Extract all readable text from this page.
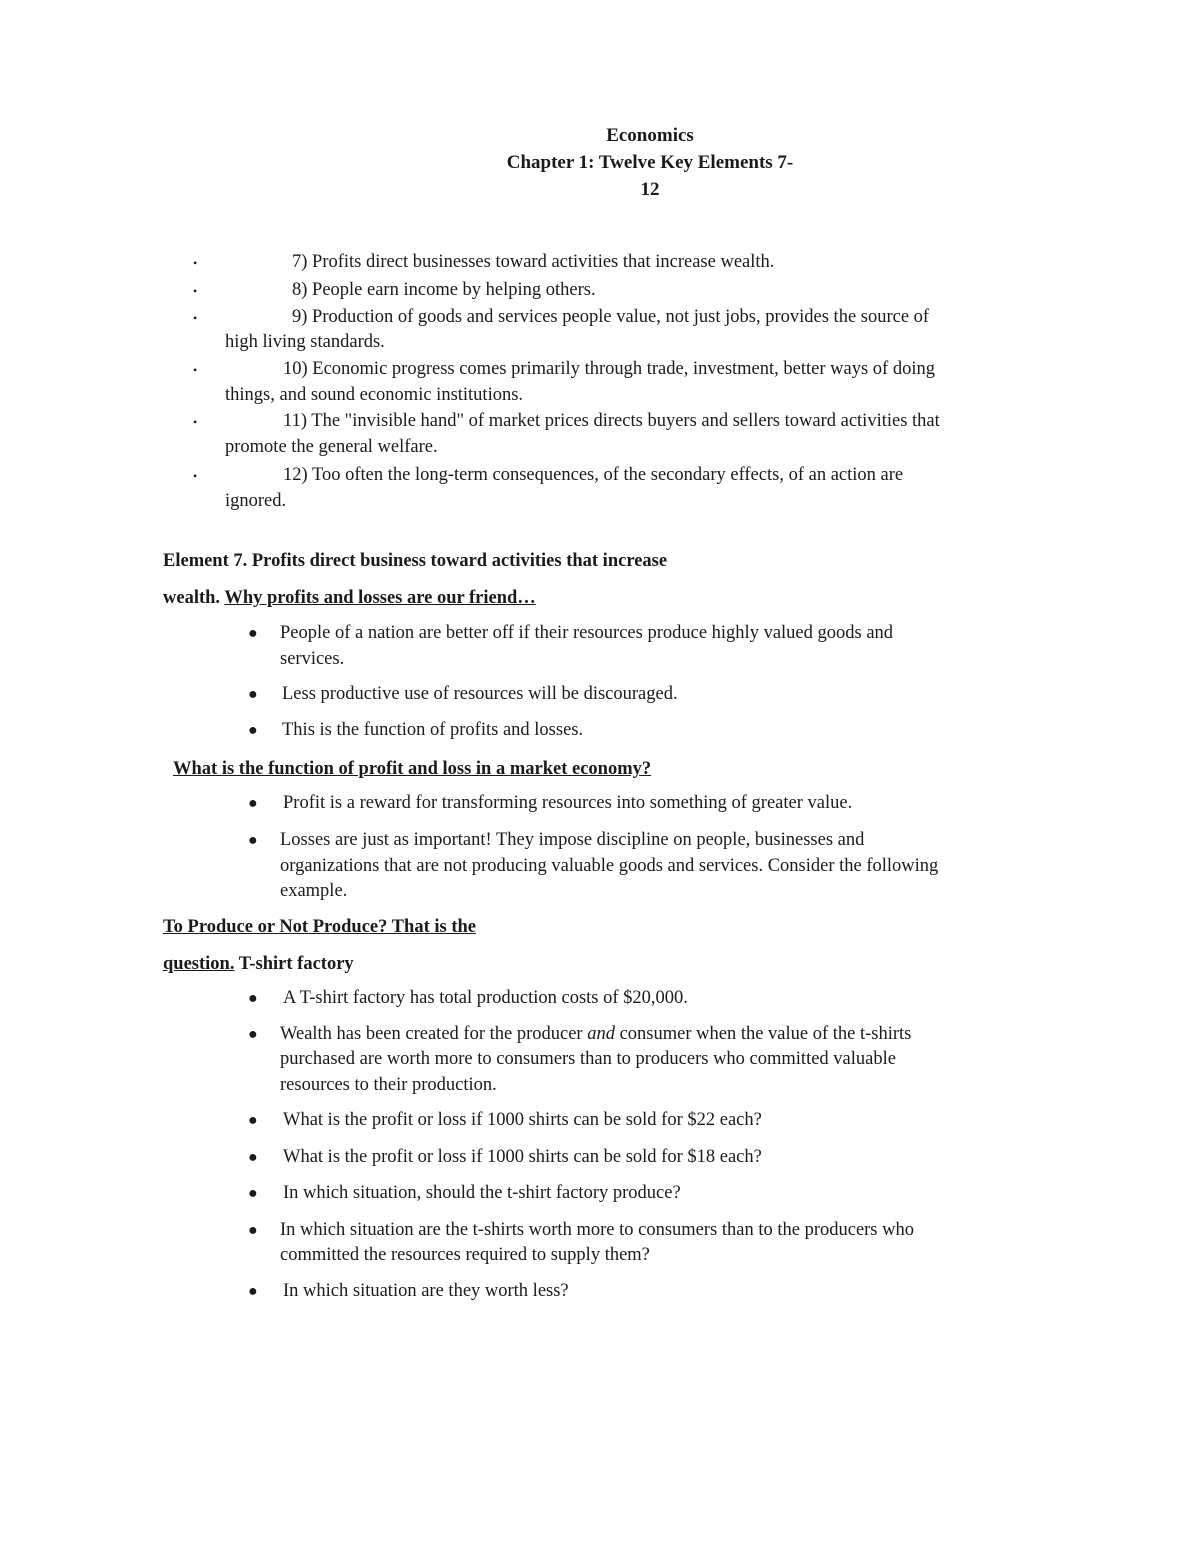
Economics
Chapter 1: Twelve Key Elements 7-
12
•	7) Profits direct businesses toward activities that increase wealth.
•	8) People earn income by helping others.
•	9) Production of goods and services people value, not just jobs, provides the source of
high living standards.
•	10) Economic progress comes primarily through trade, investment, better ways of doing
things, and sound economic institutions.
•	11) The "invisible hand" of market prices directs buyers and sellers toward activities that
promote the general welfare.
•	12) Too often the long-term consequences, of the secondary effects, of an action are
ignored.
Element 7. Profits direct business toward activities that increase
wealth. Why profits and losses are our friend…
● People of a nation are better off if their resources produce highly valued goods and
services.
● Less productive use of resources will be discouraged.
● This is the function of profits and losses.
What is the function of profit and loss in a market economy?
● Profit is a reward for transforming resources into something of greater value.
● Losses are just as important! They impose discipline on people, businesses and
organizations that are not producing valuable goods and services. Consider the following
example.
To Produce or Not Produce? That is the
question. T-shirt factory
● A T-shirt factory has total production costs of $20,000.
● Wealth has been created for the producer and consumer when the value of the t-shirts
purchased are worth more to consumers than to producers who committed valuable
resources to their production.
● What is the profit or loss if 1000 shirts can be sold for $22 each?
● What is the profit or loss if 1000 shirts can be sold for $18 each?
● In which situation, should the t-shirt factory produce?
● In which situation are the t-shirts worth more to consumers than to the producers who
committed the resources required to supply them?
● In which situation are they worth less?
